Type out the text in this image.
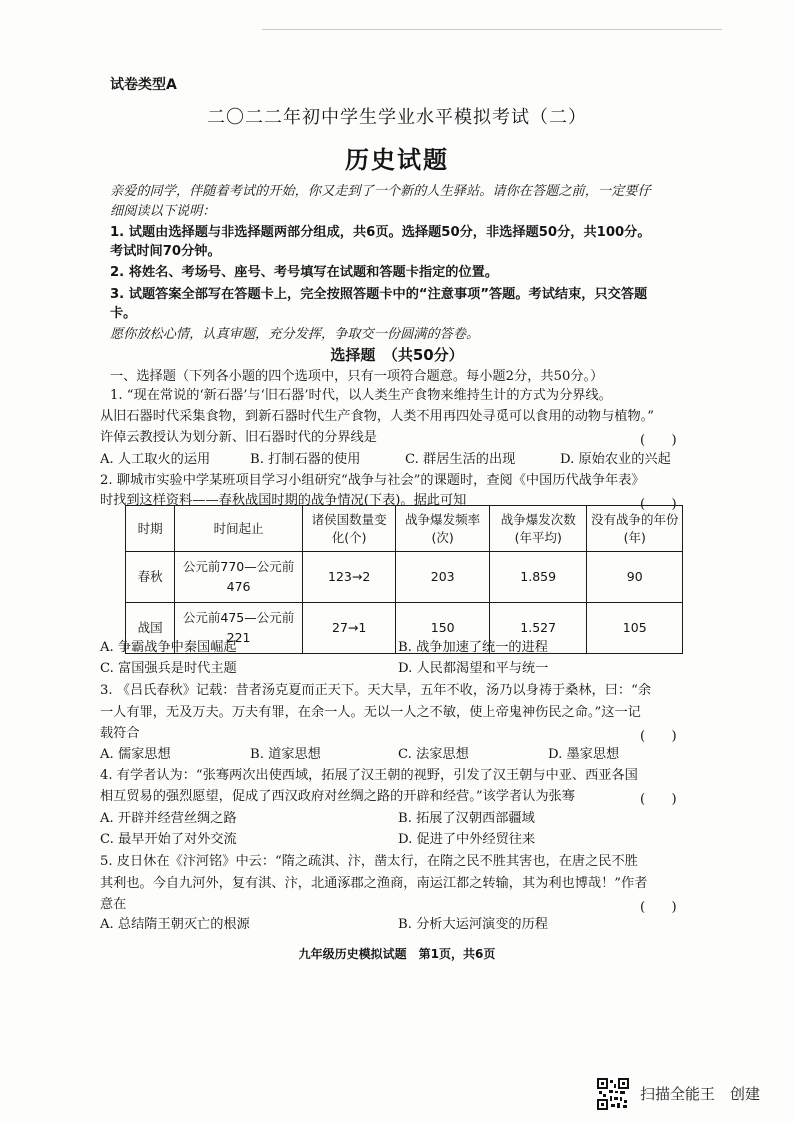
试卷类型A
二〇二二年初中学生学业水平模拟考试（二）
历史试题
亲爱的同学，伴随着考试的开始，你又走到了一个新的人生驿站。请你在答题之前，一定要仔
细阅读以下说明：
1. 试题由选择题与非选择题两部分组成，共6页。选择题50分，非选择题50分，共100分。
考试时间70分钟。
2. 将姓名、考场号、座号、考号填写在试题和答题卡指定的位置。
3. 试题答案全部写在答题卡上，完全按照答题卡中的“注意事项”答题。考试结束，只交答题
卡。
愿你放松心情，认真审题，充分发挥，争取交一份圆满的答卷。
选择题　（共50分）
一、选择题（下列各小题的四个选项中，只有一项符合题意。每小题2分，共50分。）
1. “现在常说的‘新石器’与‘旧石器’时代，以人类生产食物来维持生计的方式为分界线。
从旧石器时代采集食物，到新石器时代生产食物，人类不用再四处寻觅可以食用的动物与植物。”
许倬云教授认为划分新、旧石器时代的分界线是	(　　)
A. 人工取火的运用	B. 打制石器的使用	C. 群居生活的出现	D. 原始农业的兴起
2. 聊城市实验中学某班项目学习小组研究“战争与社会”的课题时，查阅《中国历代战争年表》
时找到这样资料——春秋战国时期的战争情况(下表)。据此可知	(　　)
时期	时间起止	诸侯国数量变化(个)	战争爆发频率(次)	战争爆发次数(年平均)	没有战争的年份(年)
春秋	公元前770—公元前476	123→2	203	1.859	90
战国	公元前475—公元前221	27→1	150	1.527	105
A. 争霸战争中秦国崛起	B. 战争加速了统一的进程
C. 富国强兵是时代主题	D. 人民都渴望和平与统一
3. 《吕氏春秋》记载：昔者汤克夏而正天下。天大旱，五年不收，汤乃以身祷于桑林，曰：“余
一人有罪，无及万夫。万夫有罪，在余一人。无以一人之不敏，使上帝鬼神伤民之命。”这一记
载符合	(　　)
A. 儒家思想	B. 道家思想	C. 法家思想	D. 墨家思想
4. 有学者认为：“张骞两次出使西域，拓展了汉王朝的视野，引发了汉王朝与中亚、西亚各国
相互贸易的强烈愿望，促成了西汉政府对丝绸之路的开辟和经营。”该学者认为张骞	(　　)
A. 开辟并经营丝绸之路	B. 拓展了汉朝西部疆域
C. 最早开始了对外交流	D. 促进了中外经贸往来
5. 皮日休在《汴河铭》中云：“隋之疏淇、汴，凿太行，在隋之民不胜其害也，在唐之民不胜
其利也。今自九河外，复有淇、汴，北通涿郡之渔商，南运江都之转输，其为利也博哉！”作者
意在	(　　)
A. 总结隋王朝灭亡的根源	B. 分析大运河演变的历程
九年级历史模拟试题　第1页，共6页
扫描全能王　创建
